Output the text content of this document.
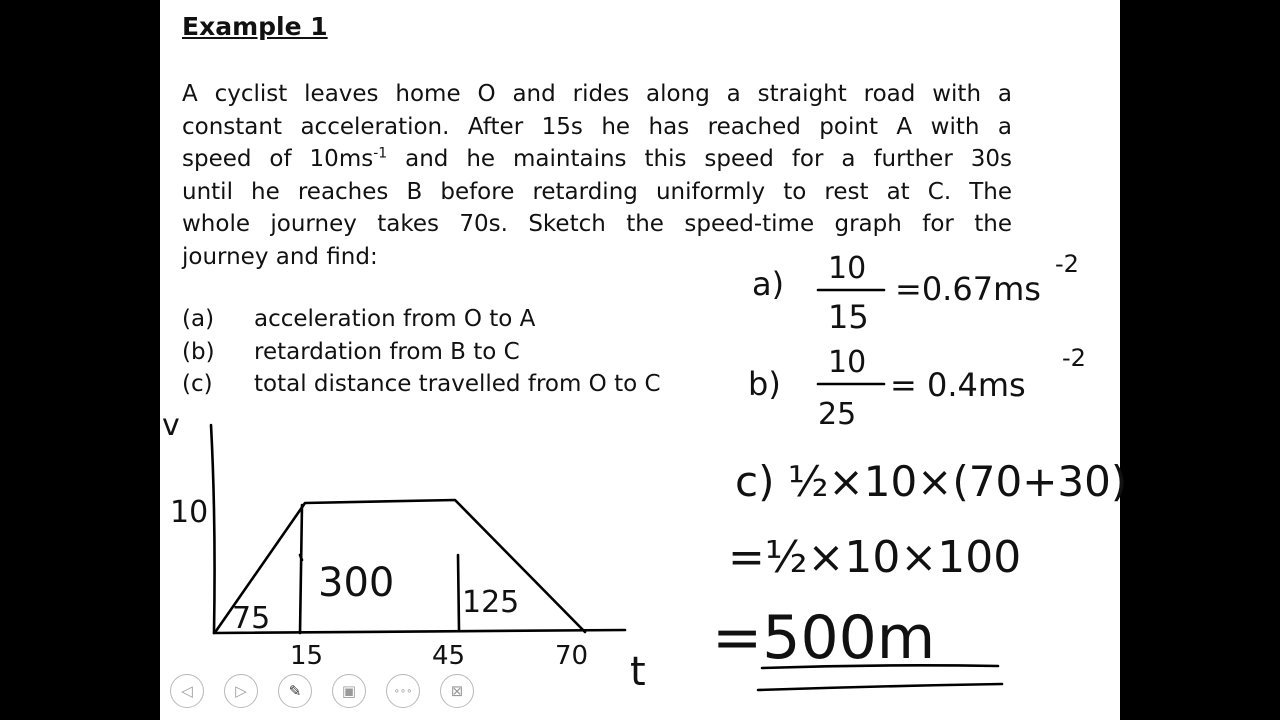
Example 1
A cyclist leaves home O and rides along a straight road with a
constant acceleration. After 15s he has reached point A with a
speed of $10ms^{-1}$ and he maintains this speed for a further 30s
until he reaches B before retarding uniformly to rest at C. The
whole journey takes 70s. Sketch the speed-time graph for the
journey and find:
(a) acceleration from O to A
(b) retardation from B to C
(c) total distance travelled from O to C
v
t
10
15	45	70
75
300 125
a) 10
15
=0.67ms
-2
b)
10
25
= 0.4ms
-2
c) ½×10×(70+30)
=½×10×100
=500m
◁	▷	✎	▣	∘∘∘	⊠
